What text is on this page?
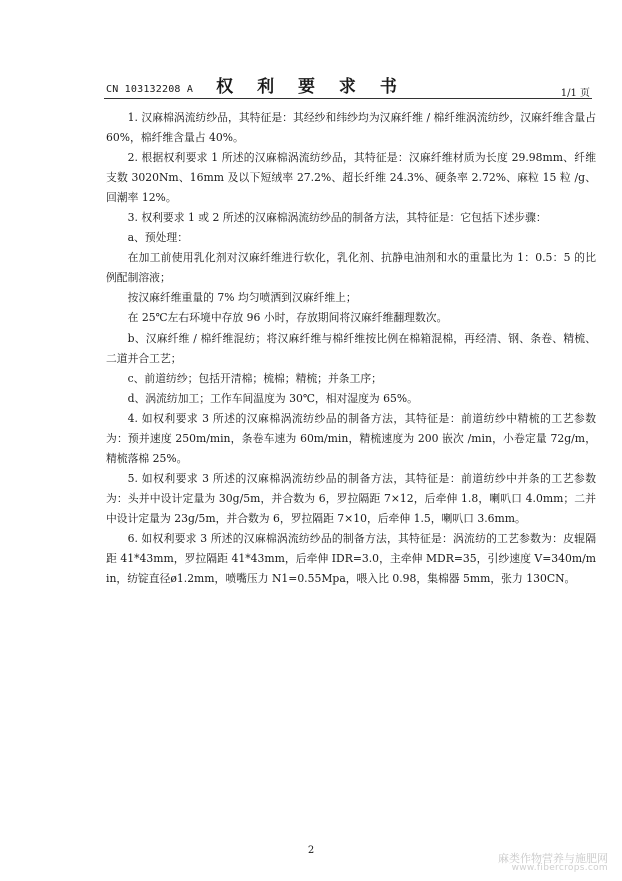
CN 103132208 A	权 利 要 求 书	1/1 页

1. 汉麻棉涡流纺纱品，其特征是：其经纱和纬纱均为汉麻纤维 / 棉纤维涡流纺纱，汉麻纤维含量占 60%，棉纤维含量占 40%。

2. 根据权利要求 1 所述的汉麻棉涡流纺纱品，其特征是：汉麻纤维材质为长度 29.98mm、纤维支数 3020Nm、16mm 及以下短绒率 27.2%、超长纤维 24.3%、硬条率 2.72%、麻粒 15 粒 /g、回潮率 12%。

3. 权利要求 1 或 2 所述的汉麻棉涡流纺纱品的制备方法，其特征是：它包括下述步骤：

a、预处理：

在加工前使用乳化剂对汉麻纤维进行软化，乳化剂、抗静电油剂和水的重量比为 1：0.5：5 的比例配制溶液；

按汉麻纤维重量的 7% 均匀喷洒到汉麻纤维上；

在 25℃左右环境中存放 96 小时，存放期间将汉麻纤维翻理数次。

b、汉麻纤维 / 棉纤维混纺；将汉麻纤维与棉纤维按比例在棉箱混棉，再经清、钢、条卷、精梳、二道并合工艺；

c、前道纺纱；包括开清棉；梳棉；精梳；并条工序；

d、涡流纺加工；工作车间温度为 30℃，相对湿度为 65%。

4. 如权利要求 3 所述的汉麻棉涡流纺纱品的制备方法，其特征是：前道纺纱中精梳的工艺参数为：预并速度 250m/min，条卷车速为 60m/min，精梳速度为 200 嵌次 /min，小卷定量 72g/m，精梳落棉 25%。

5. 如权利要求 3 所述的汉麻棉涡流纺纱品的制备方法，其特征是：前道纺纱中并条的工艺参数为：头并中设计定量为 30g/5m，并合数为 6，罗拉隔距 7×12，后牵伸 1.8，喇叭口 4.0mm；二并中设计定量为 23g/5m，并合数为 6，罗拉隔距 7×10，后牵伸 1.5，喇叭口 3.6mm。

6. 如权利要求 3 所述的汉麻棉涡流纺纱品的制备方法，其特征是：涡流纺的工艺参数为：皮辊隔距 41*43mm，罗拉隔距 41*43mm，后牵伸 IDR=3.0，主牵伸 MDR=35，引纱速度 V=340m/min，纺锭直径ø1.2mm，喷嘴压力 N1=0.55Mpa，喂入比 0.98，集棉器 5mm，张力 130CN。

2
麻类作物营养与施肥网
www.fibercrops.com
